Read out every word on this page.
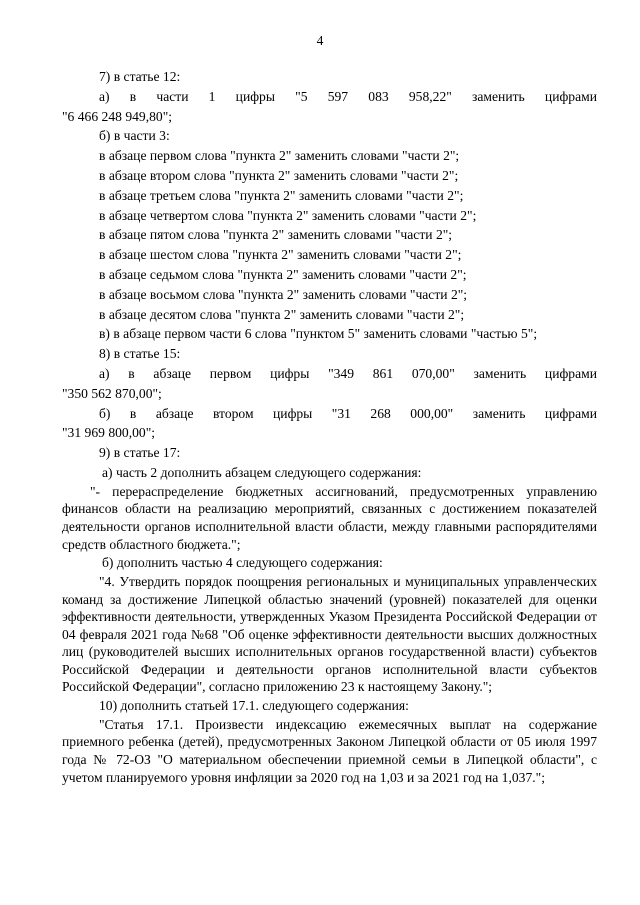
4

7) в статье 12:

а) в части 1 цифры "5 597 083 958,22" заменить цифрами

"6 466 248 949,80";

б) в части 3:

в абзаце первом слова "пункта 2" заменить словами "части 2";

в абзаце втором слова "пункта 2" заменить словами "части 2";

в абзаце третьем слова "пункта 2" заменить словами "части 2";

в абзаце четвертом слова "пункта 2" заменить словами "части 2";

в абзаце пятом слова "пункта 2" заменить словами "части 2";

в абзаце шестом слова "пункта 2" заменить словами "части 2";

в абзаце седьмом слова "пункта 2" заменить словами "части 2";

в абзаце восьмом слова "пункта 2" заменить словами "части 2";

в абзаце десятом слова "пункта 2" заменить словами "части 2";

в) в абзаце первом части 6 слова "пунктом 5" заменить словами "частью 5";

8) в статье 15:

а) в абзаце первом цифры "349 861 070,00" заменить цифрами

"350 562 870,00";

б) в абзаце втором цифры "31 268 000,00" заменить цифрами

"31 969 800,00";

9) в статье 17:

а) часть 2 дополнить абзацем следующего содержания:

"- перераспределение бюджетных ассигнований, предусмотренных управлению финансов области на реализацию мероприятий, связанных с достижением показателей деятельности органов исполнительной власти области, между главными распорядителями средств областного бюджета.";

б) дополнить частью 4 следующего содержания:

"4. Утвердить порядок поощрения региональных и муниципальных управленческих команд за достижение Липецкой областью значений (уровней) показателей для оценки эффективности деятельности, утвержденных Указом Президента Российской Федерации от 04 февраля 2021 года №68 "Об оценке эффективности деятельности высших должностных лиц (руководителей высших исполнительных органов государственной власти) субъектов Российской Федерации и деятельности органов исполнительной власти субъектов Российской Федерации", согласно приложению 23 к настоящему Закону.";

10) дополнить статьей 17.1. следующего содержания:

"Статья 17.1. Произвести индексацию ежемесячных выплат на содержание приемного ребенка (детей), предусмотренных Законом Липецкой области от 05 июля 1997 года № 72-ОЗ "О материальном обеспечении приемной семьи в Липецкой области", с учетом планируемого уровня инфляции за 2020 год на 1,03 и за 2021 год на 1,037.";
